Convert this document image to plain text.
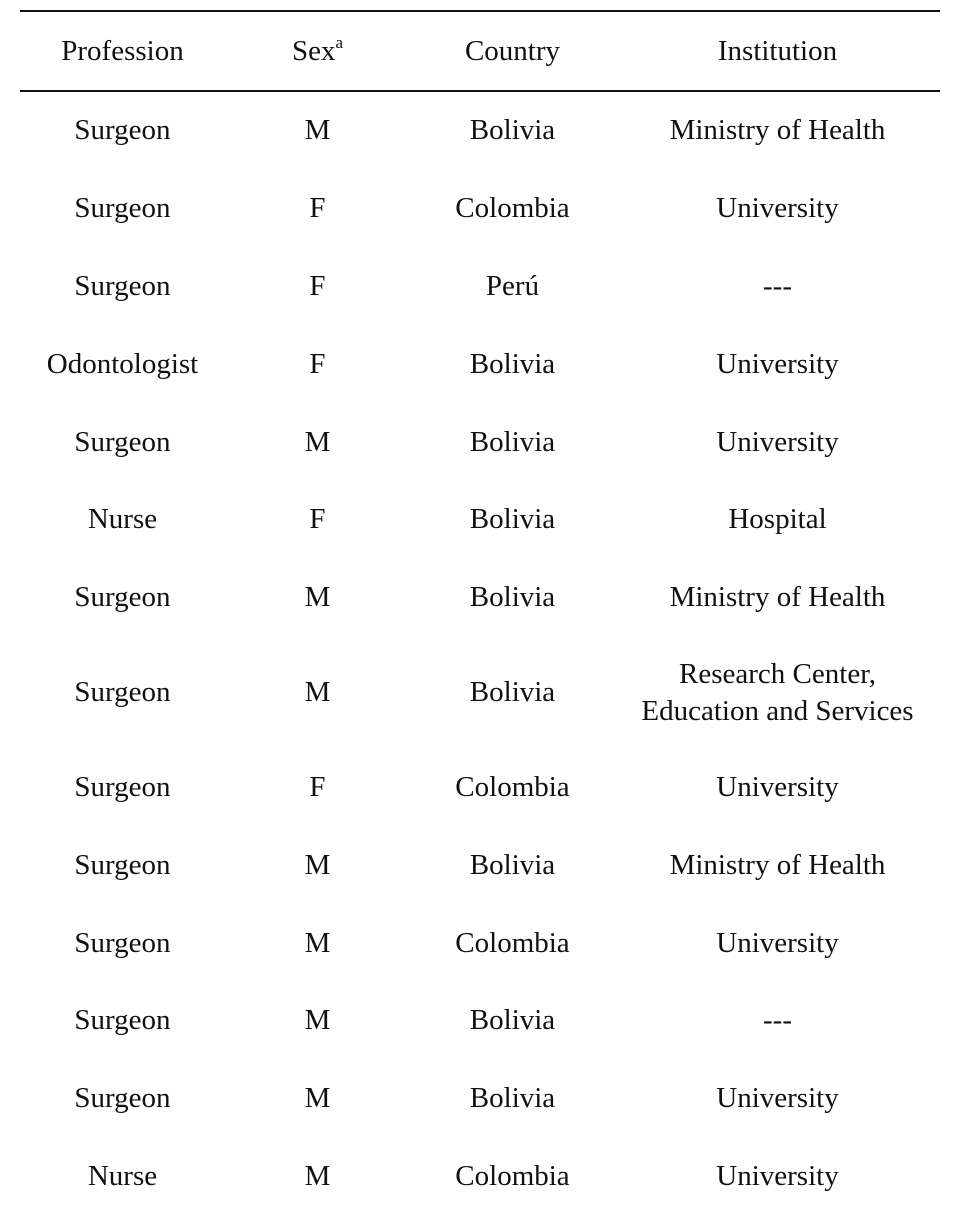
Profession	Sex$^a$	Country	Institution
Surgeon	M	Bolivia	Ministry of Health
Surgeon	F	Colombia	University
Surgeon	F	Perú	---
Odontologist	F	Bolivia	University
Surgeon	M	Bolivia	University
Nurse	F	Bolivia	Hospital
Surgeon	M	Bolivia	Ministry of Health
Surgeon	M	Bolivia	Research Center,
Education and Services

Surgeon	F	Colombia	University
Surgeon	M	Bolivia	Ministry of Health
Surgeon	M	Colombia	University
Surgeon	M	Bolivia	---
Surgeon	M	Bolivia	University
Nurse	M	Colombia	University
